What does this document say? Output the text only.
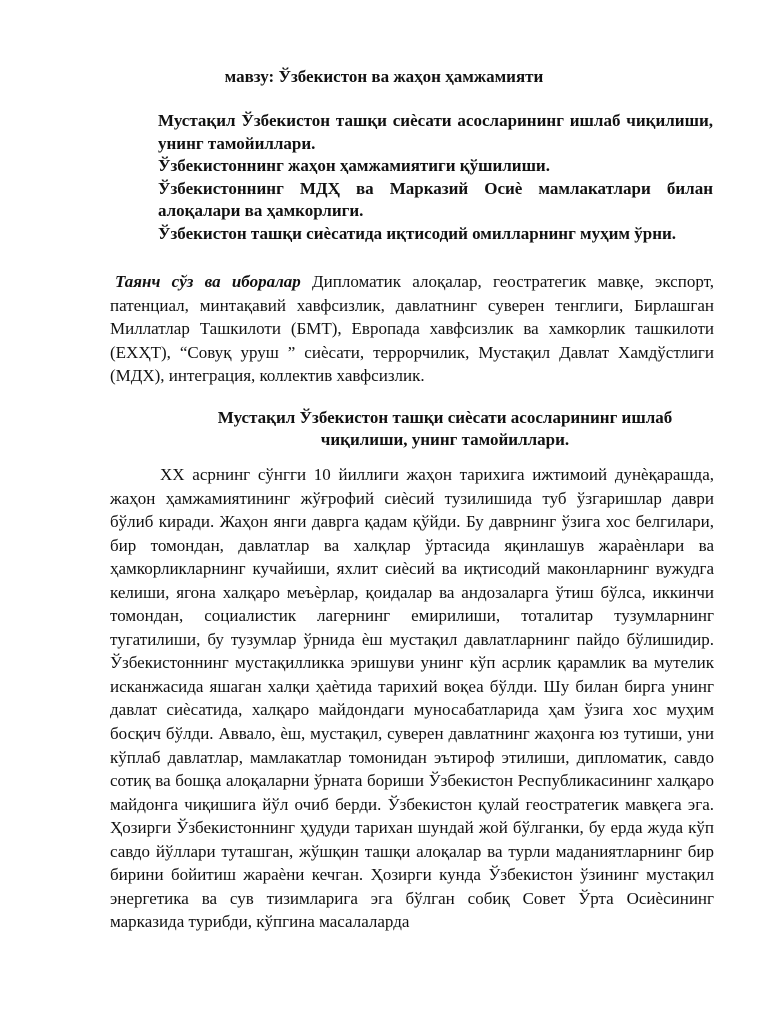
мавзу: Ўзбекистон ва жаҳон ҳамжамияти

Мустақил Ўзбекистон ташқи сиѐсати асосларининг ишлаб чиқилиши, унинг тамойиллари.

Ўзбекистоннинг жаҳон ҳамжамиятиги қўшилиши.

Ўзбекистоннинг МДҲ ва Марказий Осиѐ мамлакатлари билан алоқалари ва ҳамкорлиги.

Ўзбекистон ташқи сиѐсатида иқтисодий омилларнинг муҳим ўрни.

Таянч сўз ва иборалар Дипломатик алоқалар, геостратегик мавқе, экспорт, патенциал, минтақавий хавфсизлик, давлатнинг суверен тенглиги, Бирлашган Миллатлар Ташкилоти (БМТ), Европада хавфсизлик ва хамкорлик ташкилоти (ЕХҲТ), “Совуқ уруш ” сиѐсати, террорчилик, Мустақил Давлат Хамдўстлиги (МДХ), интеграция, коллектив хавфсизлик.
Мустақил Ўзбекистон ташқи сиѐсати асосларининг ишлаб чиқилиши, унинг тамойиллари.

XX асрнинг сўнгги 10 йиллиги жаҳон тарихига ижтимоий дунѐқарашда, жаҳон ҳамжамиятининг жўғрофий сиѐсий тузилишида туб ўзгаришлар даври бўлиб киради. Жаҳон янги даврга қадам қўйди. Бу даврнинг ўзига хос белгилари, бир томондан, давлатлар ва халқлар ўртасида яқинлашув жараѐнлари ва ҳамкорликларнинг кучайиши, яхлит сиѐсий ва иқтисодий маконларнинг вужудга келиши, ягона халқаро меъѐрлар, қоидалар ва андозаларга ўтиш бўлса, иккинчи томондан, социалистик лагернинг емирилиши, тоталитар тузумларнинг тугатилиши, бу тузумлар ўрнида ѐш мустақил давлатларнинг пайдо бўлишидир. Ўзбекистоннинг мустақилликка эришуви унинг кўп асрлик қарамлик ва мутелик исканжасида яшаган халқи ҳаѐтида тарихий воқеа бўлди. Шу билан бирга унинг давлат сиѐсатида, халқаро майдондаги муносабатларида ҳам ўзига хос муҳим босқич бўлди. Аввало, ѐш, мустақил, суверен давлатнинг жаҳонга юз тутиши, уни кўплаб давлатлар, мамлакатлар томонидан эътироф этилиши, дипломатик, савдо сотиқ ва бошқа алоқаларни ўрната бориши Ўзбекистон Республикасининг халқаро майдонга чиқишига йўл очиб берди. Ўзбекистон қулай геостратегик мавқега эга. Ҳозирги Ўзбекистоннинг ҳудуди тарихан шундай жой бўлганки, бу ерда жуда кўп савдо йўллари туташган, жўшқин ташқи алоқалар ва турли маданиятларнинг бир бирини бойитиш жараѐни кечган. Ҳозирги кунда Ўзбекистон ўзининг мустақил энергетика ва сув тизимларига эга бўлган собиқ Совет Ўрта Осиѐсининг марказида турибди, кўпгина масалаларда
